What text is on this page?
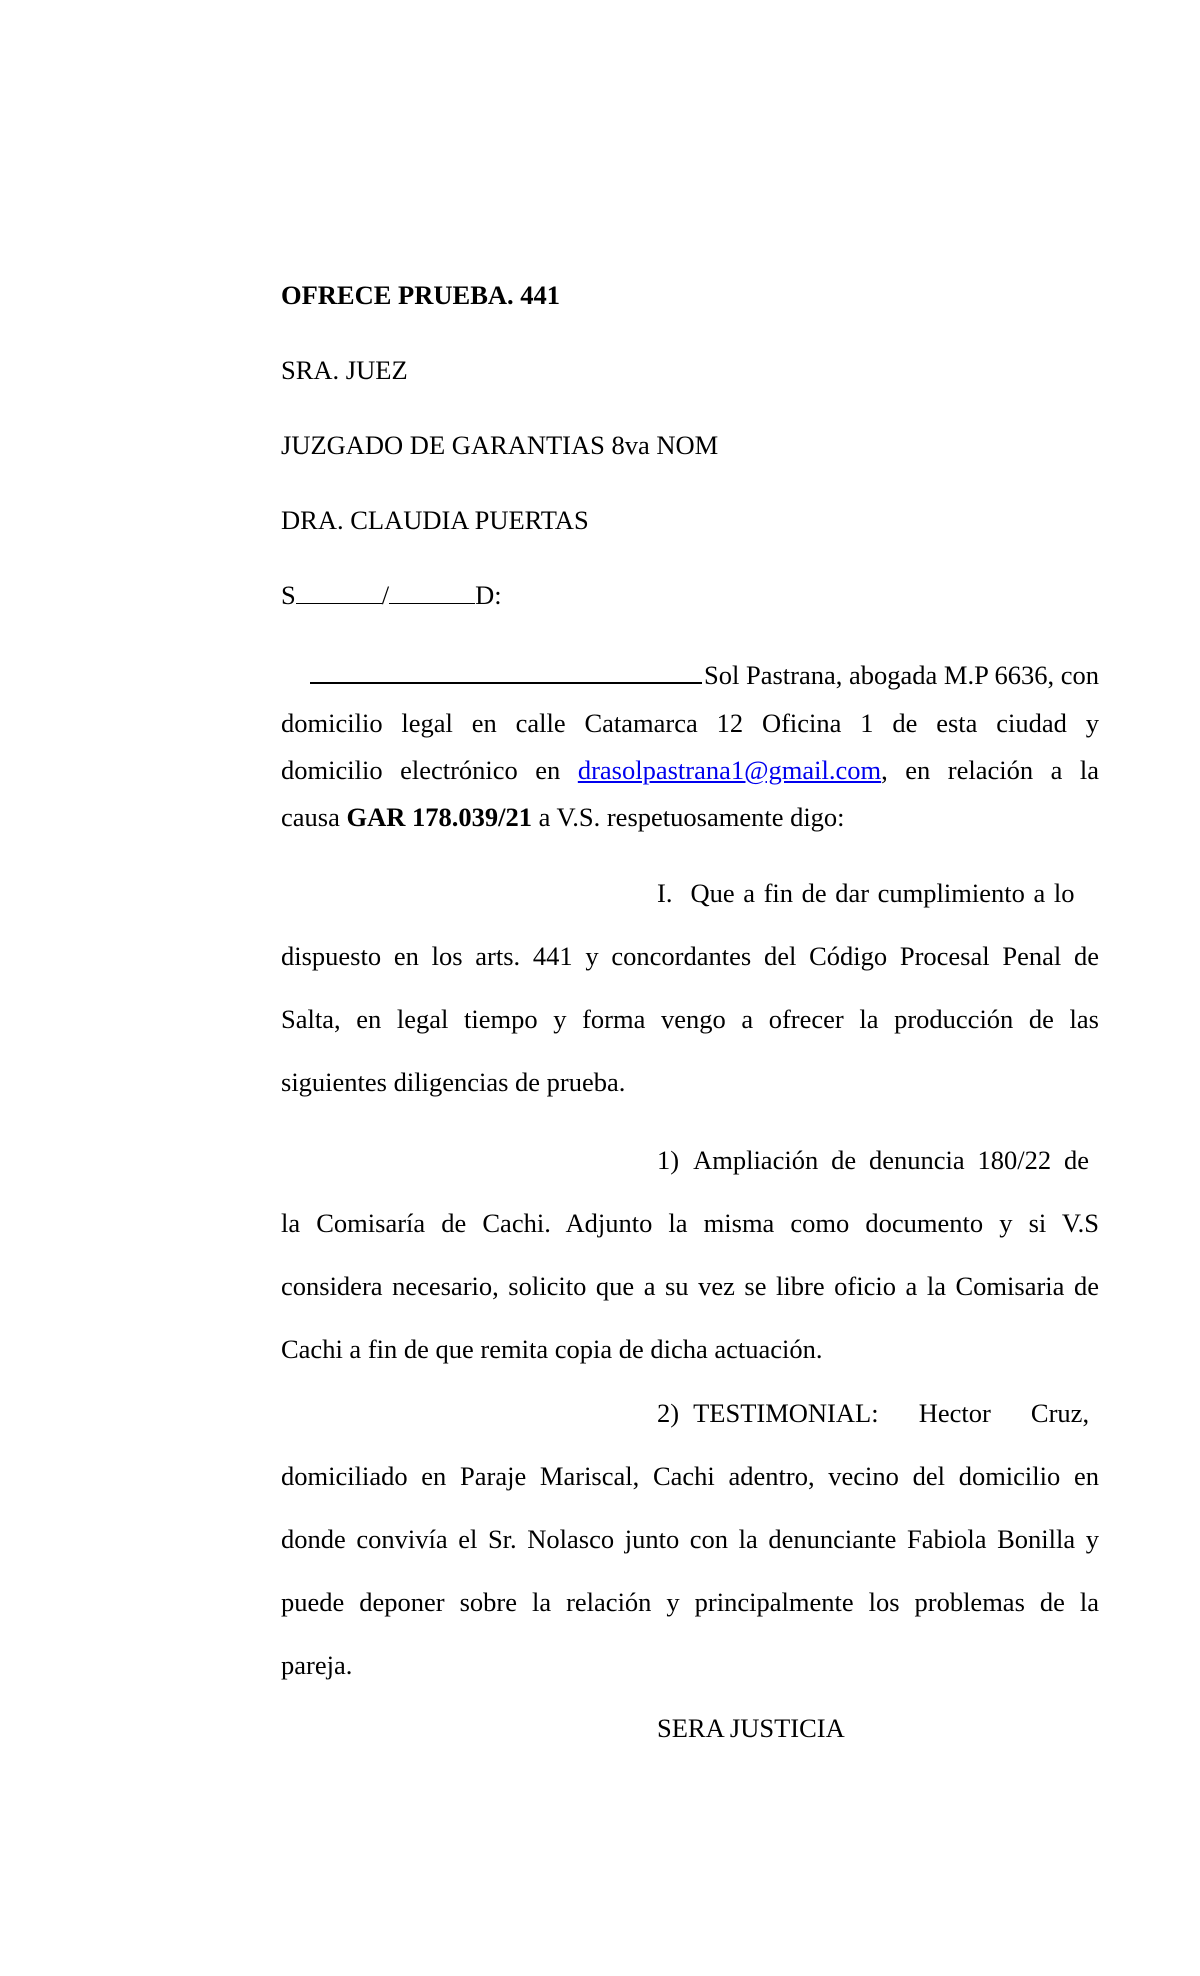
OFRECE PRUEBA. 441
SRA. JUEZ
JUZGADO DE GARANTIAS 8va NOM
DRA. CLAUDIA PUERTAS
S	/	D:
Sol Pastrana, abogada M.P 6636, con
domicilio legal en calle Catamarca 12 Oficina 1 de esta ciudad y
domicilio electrónico en drasolpastrana1@gmail.com, en relación a la
causa GAR 178.039/21 a V.S. respetuosamente digo:
I. Que a fin de dar cumplimiento a lo
dispuesto en los arts. 441 y concordantes del Código Procesal Penal de
Salta, en legal tiempo y forma vengo a ofrecer la producción de las
siguientes diligencias de prueba.
1) Ampliación de denuncia 180/22 de
la Comisaría de Cachi. Adjunto la misma como documento y si V.S
considera necesario, solicito que a su vez se libre oficio a la Comisaria de
Cachi a fin de que remita copia de dicha actuación.
2) TESTIMONIAL: Hector Cruz,
domiciliado en Paraje Mariscal, Cachi adentro, vecino del domicilio en
donde convivía el Sr. Nolasco junto con la denunciante Fabiola Bonilla y
puede deponer sobre la relación y principalmente los problemas de la
pareja.
SERA JUSTICIA
